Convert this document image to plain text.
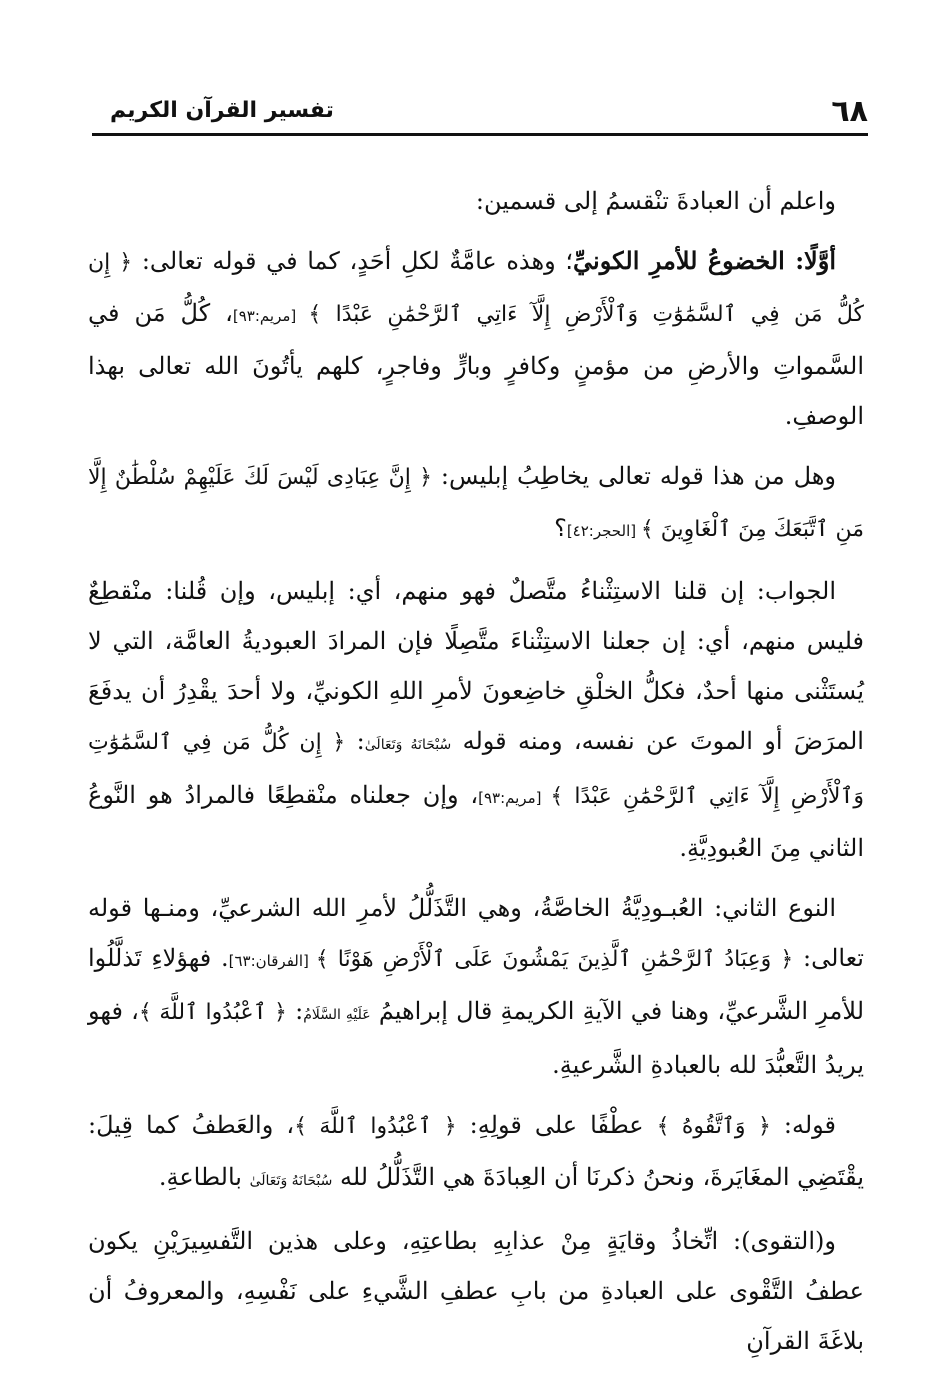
٦٨
تفسير القرآن الكريم

واعلم أن العبادةَ تنْقسمُ إلى قسمين:

أوَّلًا: الخضوعُ للأمرِ الكونيِّ؛ وهذه عامَّةٌ لكلِ أحَدٍ، كما في قوله تعالى: ﴿ إِن كُلُّ مَن فِي ٱلسَّمَٰوَٰتِ وَٱلْأَرْضِ إِلَّآ ءَاتِي ٱلرَّحْمَٰنِ عَبْدًا ﴾ [مريم:٩٣]، كُلُّ مَن في السَّمواتِ والأرضِ من مؤمنٍ وكافرٍ وبارٍّ وفاجرٍ، كلهم يأتُونَ الله تعالى بهذا الوصفِ.

وهل من هذا قوله تعالى يخاطِبُ إبليس: ﴿ إِنَّ عِبَادِى لَيْسَ لَكَ عَلَيْهِمْ سُلْطَٰنٌ إِلَّا مَنِ ٱتَّبَعَكَ مِنَ ٱلْغَاوِينَ ﴾ [الحجر:٤٢]؟

الجواب: إن قلنا الاستِثْناءُ متَّصلٌ فهو منهم، أي: إبليس، وإن قُلنا: منْقطِعٌ فليس منهم، أي: إن جعلنا الاستِثْناءَ متَّصِلًا فإن المرادَ العبوديةُ العامَّة، التي لا يُستَثْنى منها أحدٌ، فكلُّ الخلْقِ خاضِعونَ لأمرِ اللهِ الكونيِّ، ولا أحدَ يقْدِرُ أن يدفَعَ المرَضَ أو الموتَ عن نفسه، ومنه قوله سُبْحَانَهُ وَتَعَالَىٰ: ﴿ إِن كُلُّ مَن فِي ٱلسَّمَٰوَٰتِ وَٱلْأَرْضِ إِلَّآ ءَاتِي ٱلرَّحْمَٰنِ عَبْدًا ﴾ [مريم:٩٣]، وإن جعلناه منْقطِعًا فالمرادُ هو النَّوعُ الثاني مِنَ العُبودِيَّةِ.

النوع الثاني: العُبـودِيَّةُ الخاصَّةُ، وهي التَّذَلُّلُ لأمرِ الله الشرعيِّ، ومنـها قوله تعالى: ﴿ وَعِبَادُ ٱلرَّحْمَٰنِ ٱلَّذِينَ يَمْشُونَ عَلَى ٱلْأَرْضِ هَوْنًا ﴾ [الفرقان:٦٣]. فهؤلاءِ تَذلَّلُوا للأمرِ الشَّرعيِّ، وهنا في الآيةِ الكريمةِ قال إبراهيمُ عَلَيْهِ السَّلَامُ: ﴿ ٱعْبُدُوا ٱللَّهَ ﴾، فهو يريدُ التَّعبُّدَ لله بالعبادةِ الشَّرعيةِ.

قوله: ﴿ وَٱتَّقُوهُ ﴾ عطْفًا على قولِهِ: ﴿ ٱعْبُدُوا ٱللَّهَ ﴾، والعَطفُ كما قِيلَ: يقْتَضِي المغَايَرةَ، ونحنُ ذكرنَا أن العِبادَةَ هي التَّذَلُّلُ لله سُبْحَانَهُ وَتَعَالَىٰ بالطاعةِ.

و(التقوى): اتِّخاذُ وقايَةٍ مِنْ عذابِهِ بطاعتِهِ، وعلى هذين التَّفسِيرَيْنِ يكون عطفُ التَّقْوى على العبادةِ من بابِ عطفِ الشَّيءِ على نَفْسِهِ، والمعروفُ أن بلاغَةَ القرآنِ
